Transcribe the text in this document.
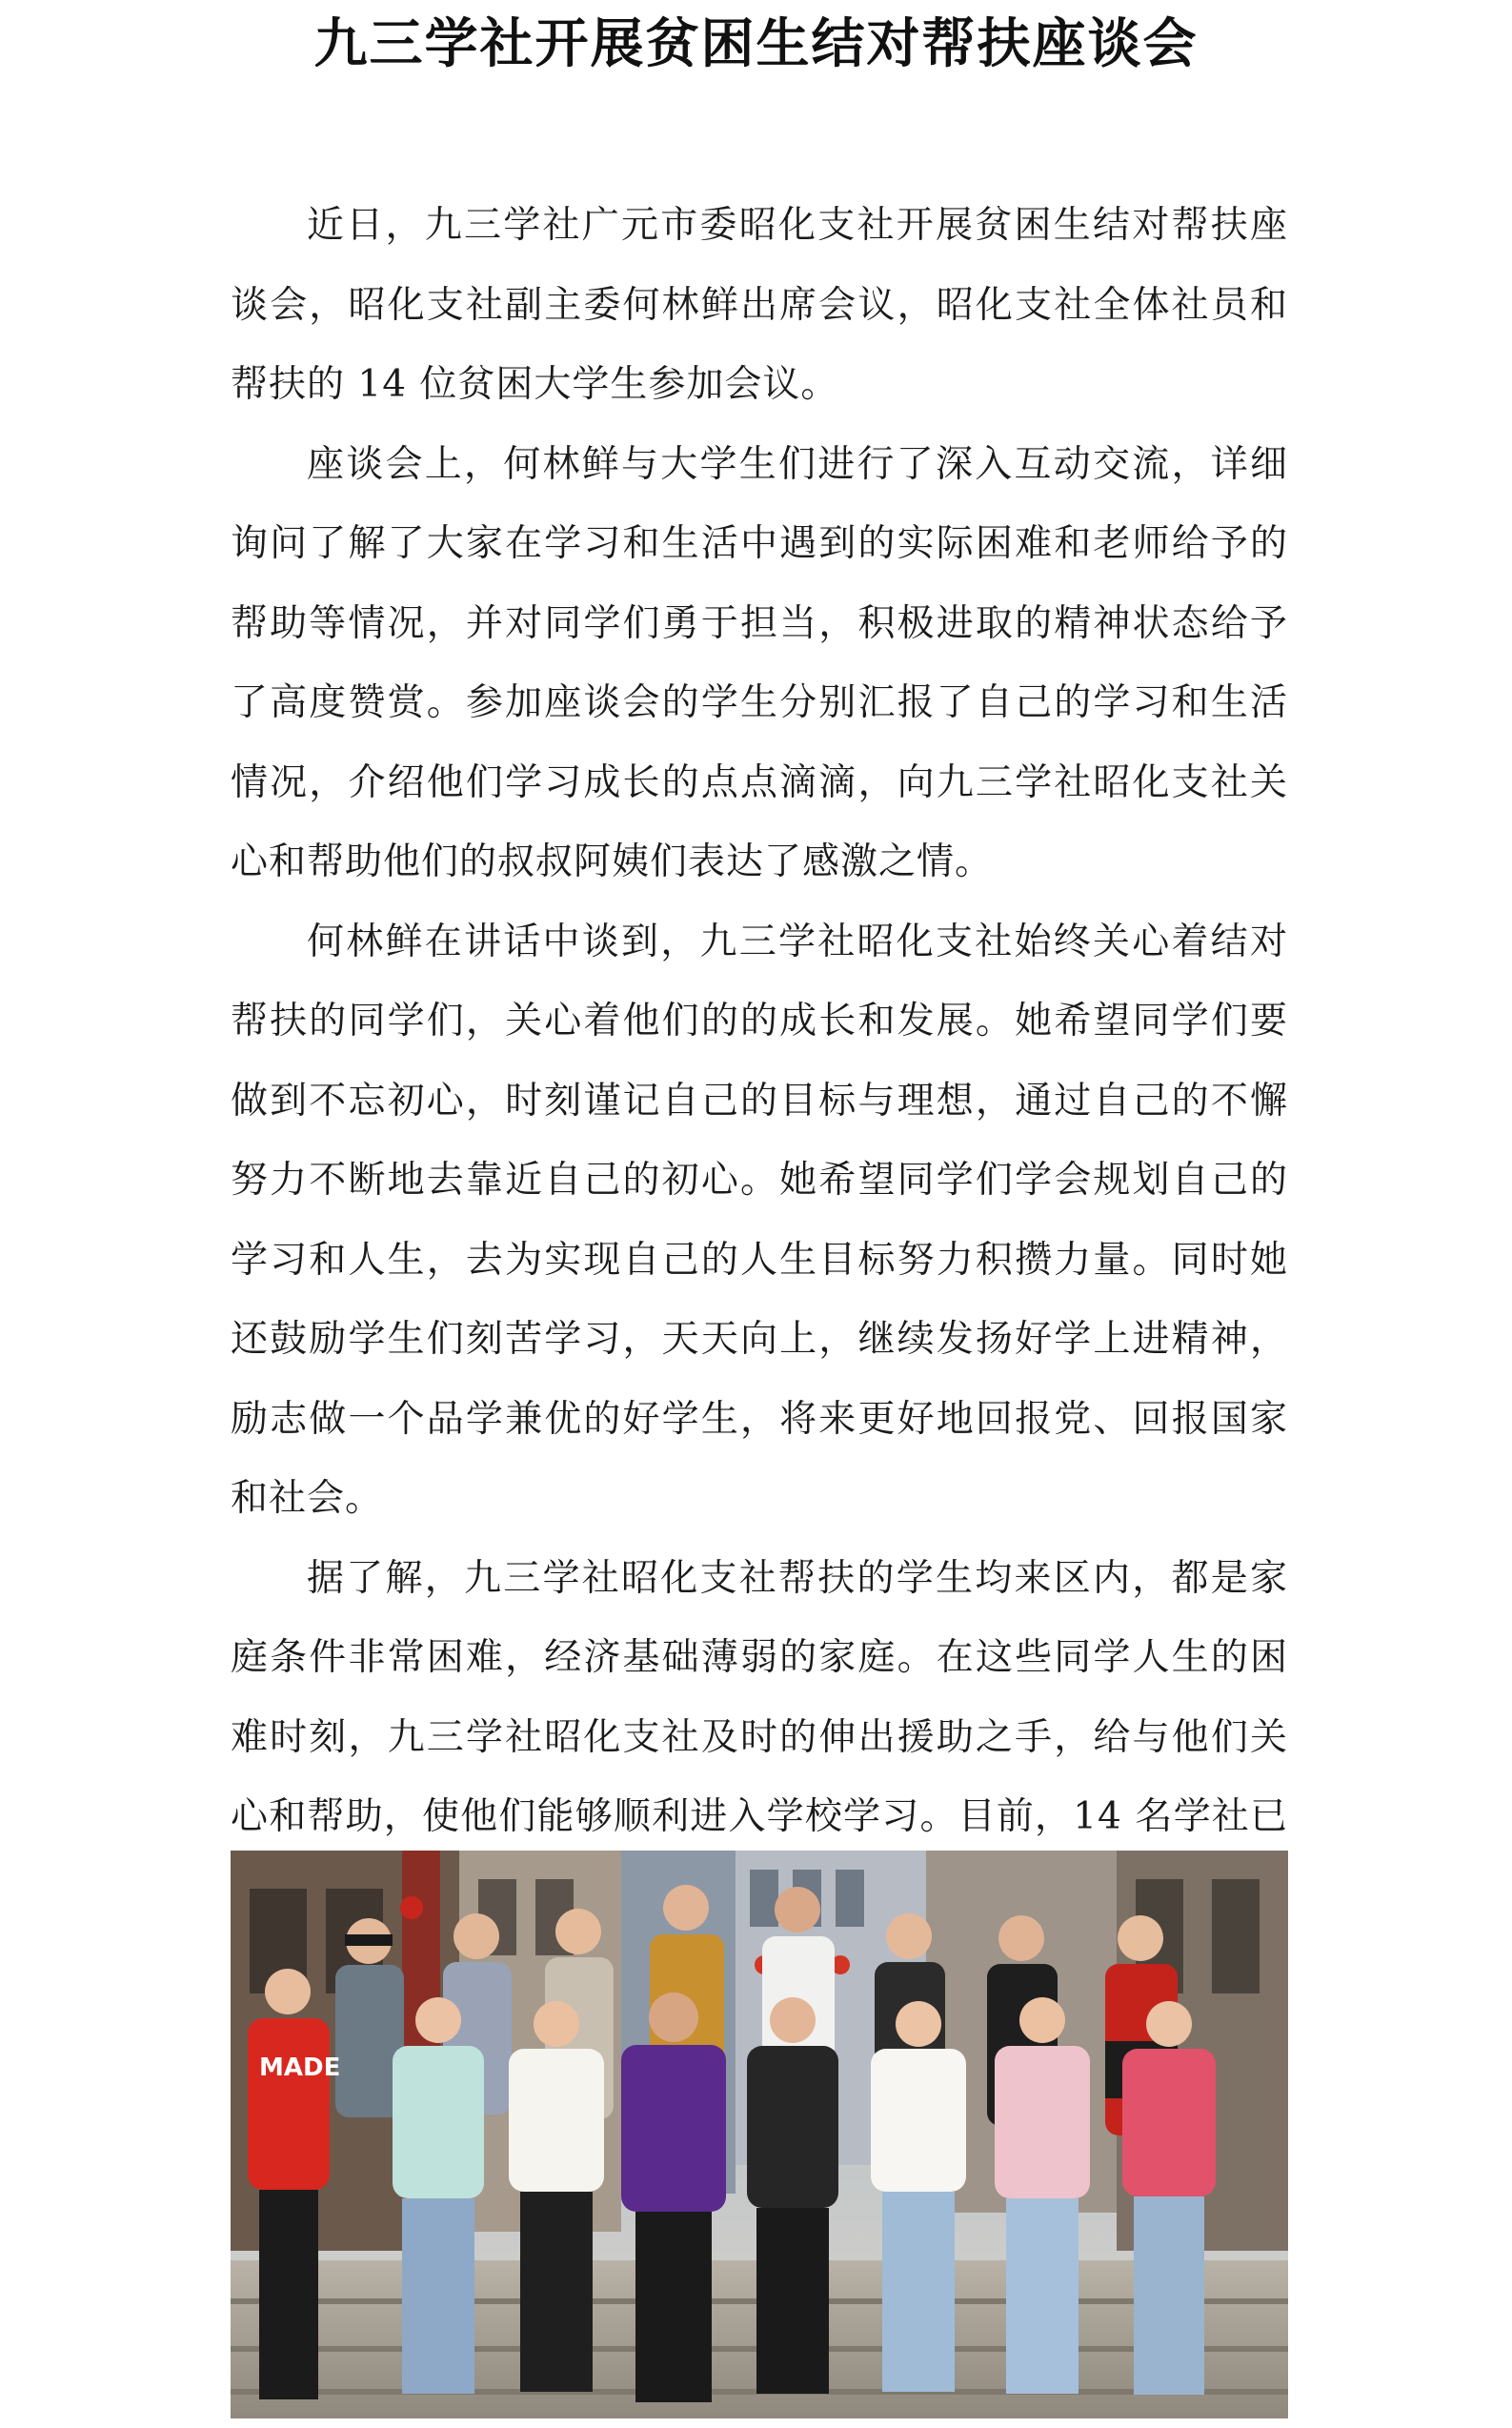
九三学社开展贫困生结对帮扶座谈会

近日，九三学社广元市委昭化支社开展贫困生结对帮扶座谈会，昭化支社副主委何林鲜出席会议，昭化支社全体社员和帮扶的 14 位贫困大学生参加会议。

座谈会上，何林鲜与大学生们进行了深入互动交流，详细询问了解了大家在学习和生活中遇到的实际困难和老师给予的帮助等情况，并对同学们勇于担当，积极进取的精神状态给予了高度赞赏。参加座谈会的学生分别汇报了自己的学习和生活情况，介绍他们学习成长的点点滴滴，向九三学社昭化支社关心和帮助他们的叔叔阿姨们表达了感激之情。

何林鲜在讲话中谈到，九三学社昭化支社始终关心着结对帮扶的同学们，关心着他们的的成长和发展。她希望同学们要做到不忘初心，时刻谨记自己的目标与理想，通过自己的不懈努力不断地去靠近自己的初心。她希望同学们学会规划自己的学习和人生，去为实现自己的人生目标努力积攒力量。同时她还鼓励学生们刻苦学习，天天向上，继续发扬好学上进精神，励志做一个品学兼优的好学生，将来更好地回报党、回报国家和社会。

据了解，九三学社昭化支社帮扶的学生均来区内，都是家庭条件非常困难，经济基础薄弱的家庭。在这些同学人生的困难时刻，九三学社昭化支社及时的伸出援助之手，给与他们关心和帮助，使他们能够顺利进入学校学习。目前，14 名学社已

MADE
